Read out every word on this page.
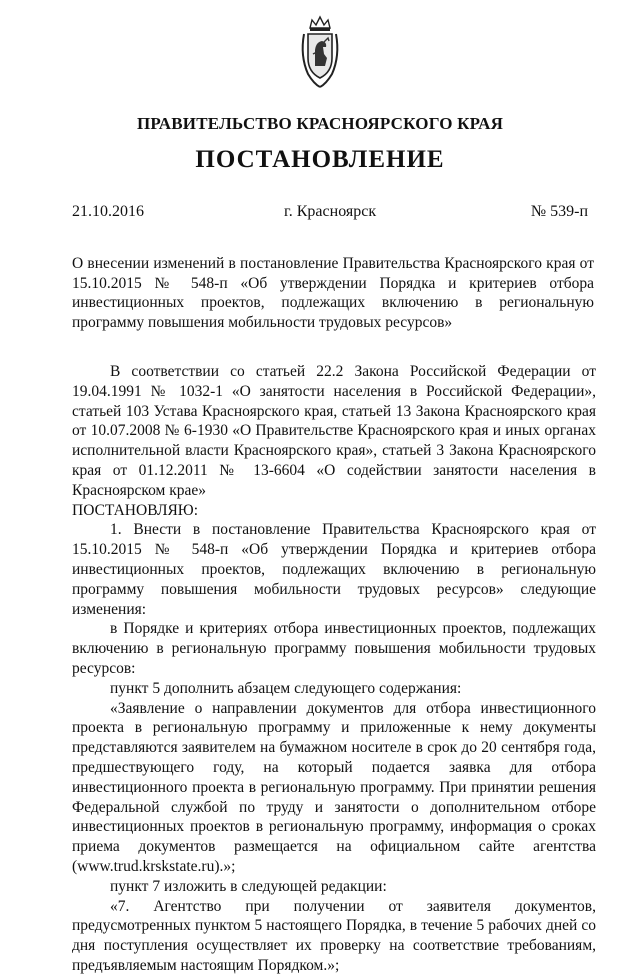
ПРАВИТЕЛЬСТВО КРАСНОЯРСКОГО КРАЯ
ПОСТАНОВЛЕНИЕ
21.10.2016	г. Красноярск	№ 539-п
О внесении изменений в постановление Правительства Красноярского края от 15.10.2015 № 548-п «Об утверждении Порядка и критериев отбора инвестиционных проектов, подлежащих включению в региональную программу повышения мобильности трудовых ресурсов»

В соответствии со статьей 22.2 Закона Российской Федерации от 19.04.1991 № 1032-1 «О занятости населения в Российской Федерации», статьей 103 Устава Красноярского края, статьей 13 Закона Красноярского края от 10.07.2008 № 6-1930 «О Правительстве Красноярского края и иных органах исполнительной власти Красноярского края», статьей 3 Закона Красноярского края от 01.12.2011 № 13-6604 «О содействии занятости населения в Красноярском крае»

ПОСТАНОВЛЯЮ:

1. Внести в постановление Правительства Красноярского края от 15.10.2015 № 548-п «Об утверждении Порядка и критериев отбора инвестиционных проектов, подлежащих включению в региональную программу повышения мобильности трудовых ресурсов» следующие изменения:

в Порядке и критериях отбора инвестиционных проектов, подлежащих включению в региональную программу повышения мобильности трудовых ресурсов:

пункт 5 дополнить абзацем следующего содержания:

«Заявление о направлении документов для отбора инвестиционного проекта в региональную программу и приложенные к нему документы представляются заявителем на бумажном носителе в срок до 20 сентября года, предшествующего году, на который подается заявка для отбора инвестиционного проекта в региональную программу. При принятии решения Федеральной службой по труду и занятости о дополнительном отборе инвестиционных проектов в региональную программу, информация о сроках приема документов размещается на официальном сайте агентства (www.trud.krskstate.ru).»;

пункт 7 изложить в следующей редакции:

«7. Агентство при получении от заявителя документов, предусмотренных пунктом 5 настоящего Порядка, в течение 5 рабочих дней со дня поступления осуществляет их проверку на соответствие требованиям, предъявляемым настоящим Порядком.»;
